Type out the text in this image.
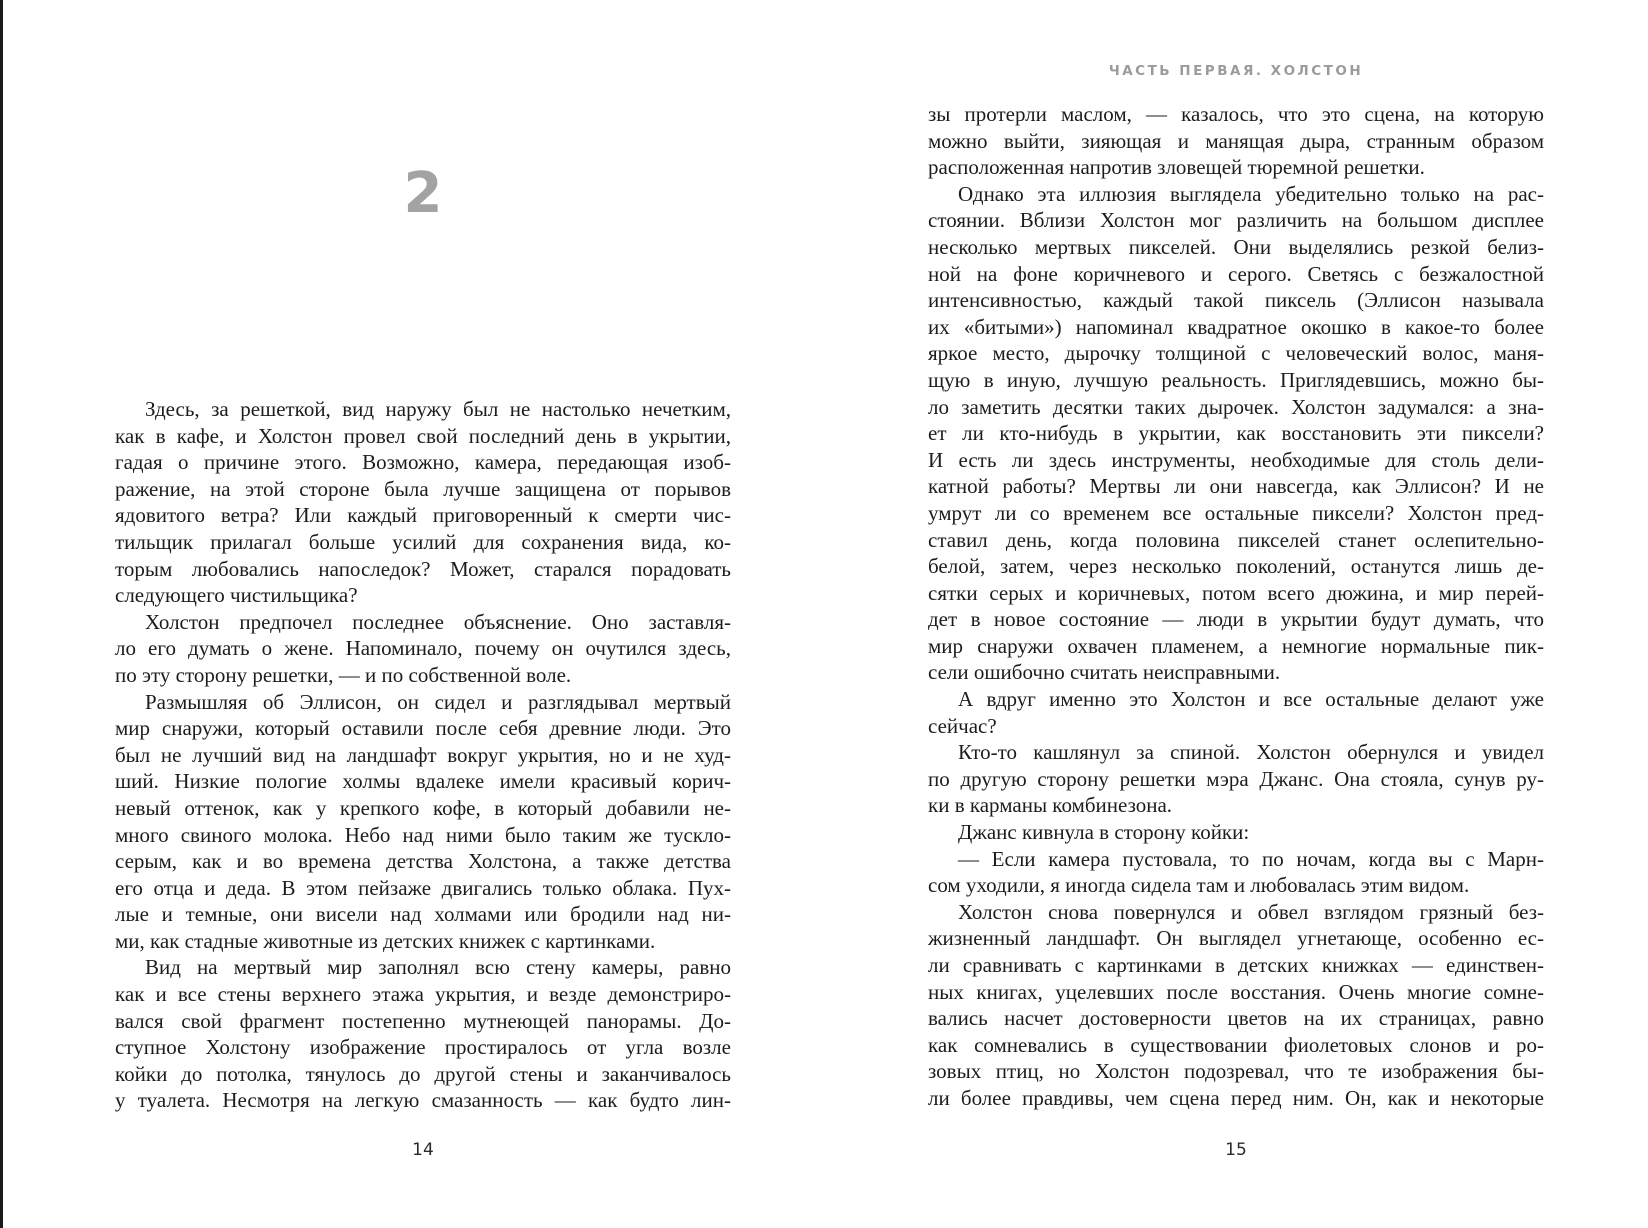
2
Здесь, за решеткой, вид наружу был не настолько нечетким,
как в кафе, и Холстон провел свой последний день в укрытии,
гадая о причине этого. Возможно, камера, передающая изоб-
ражение, на этой стороне была лучше защищена от порывов
ядовитого ветра? Или каждый приговоренный к смерти чис-
тильщик прилагал больше усилий для сохранения вида, ко-
торым любовались напоследок? Может, старался порадовать
следующего чистильщика?
Холстон предпочел последнее объяснение. Оно заставля-
ло его думать о жене. Напоминало, почему он очутился здесь,
по эту сторону решетки, — и по собственной воле.
Размышляя об Эллисон, он сидел и разглядывал мертвый
мир снаружи, который оставили после себя древние люди. Это
был не лучший вид на ландшафт вокруг укрытия, но и не худ-
ший. Низкие пологие холмы вдалеке имели красивый корич-
невый оттенок, как у крепкого кофе, в который добавили не-
много свиного молока. Небо над ними было таким же тускло-
серым, как и во времена детства Холстона, а также детства
его отца и деда. В этом пейзаже двигались только облака. Пух-
лые и темные, они висели над холмами или бродили над ни-
ми, как стадные животные из детских книжек с картинками.
Вид на мертвый мир заполнял всю стену камеры, равно
как и все стены верхнего этажа укрытия, и везде демонстриро-
вался свой фрагмент постепенно мутнеющей панорамы. До-
ступное Холстону изображение простиралось от угла возле
койки до потолка, тянулось до другой стены и заканчивалось
у туалета. Несмотря на легкую смазанность — как будто лин-
14
ЧАСТЬ ПЕРВАЯ. ХОЛСТОН
зы протерли маслом, — казалось, что это сцена, на которую
можно выйти, зияющая и манящая дыра, странным образом
расположенная напротив зловещей тюремной решетки.
Однако эта иллюзия выглядела убедительно только на рас-
стоянии. Вблизи Холстон мог различить на большом дисплее
несколько мертвых пикселей. Они выделялись резкой белиз-
ной на фоне коричневого и серого. Светясь с безжалостной
интенсивностью, каждый такой пиксель (Эллисон называла
их «битыми») напоминал квадратное окошко в какое-то более
яркое место, дырочку толщиной с человеческий волос, маня-
щую в иную, лучшую реальность. Приглядевшись, можно бы-
ло заметить десятки таких дырочек. Холстон задумался: а зна-
ет ли кто-нибудь в укрытии, как восстановить эти пиксели?
И есть ли здесь инструменты, необходимые для столь дели-
катной работы? Мертвы ли они навсегда, как Эллисон? И не
умрут ли со временем все остальные пиксели? Холстон пред-
ставил день, когда половина пикселей станет ослепительно-
белой, затем, через несколько поколений, останутся лишь де-
сятки серых и коричневых, потом всего дюжина, и мир перей-
дет в новое состояние — люди в укрытии будут думать, что
мир снаружи охвачен пламенем, а немногие нормальные пик-
сели ошибочно считать неисправными.
А вдруг именно это Холстон и все остальные делают уже
сейчас?
Кто-то кашлянул за спиной. Холстон обернулся и увидел
по другую сторону решетки мэра Джанс. Она стояла, сунув ру-
ки в карманы комбинезона.
Джанс кивнула в сторону койки:
— Если камера пустовала, то по ночам, когда вы с Марн-
сом уходили, я иногда сидела там и любовалась этим видом.
Холстон снова повернулся и обвел взглядом грязный без-
жизненный ландшафт. Он выглядел угнетающе, особенно ес-
ли сравнивать с картинками в детских книжках — единствен-
ных книгах, уцелевших после восстания. Очень многие сомне-
вались насчет достоверности цветов на их страницах, равно
как сомневались в существовании фиолетовых слонов и ро-
зовых птиц, но Холстон подозревал, что те изображения бы-
ли более правдивы, чем сцена перед ним. Он, как и некоторые
15
